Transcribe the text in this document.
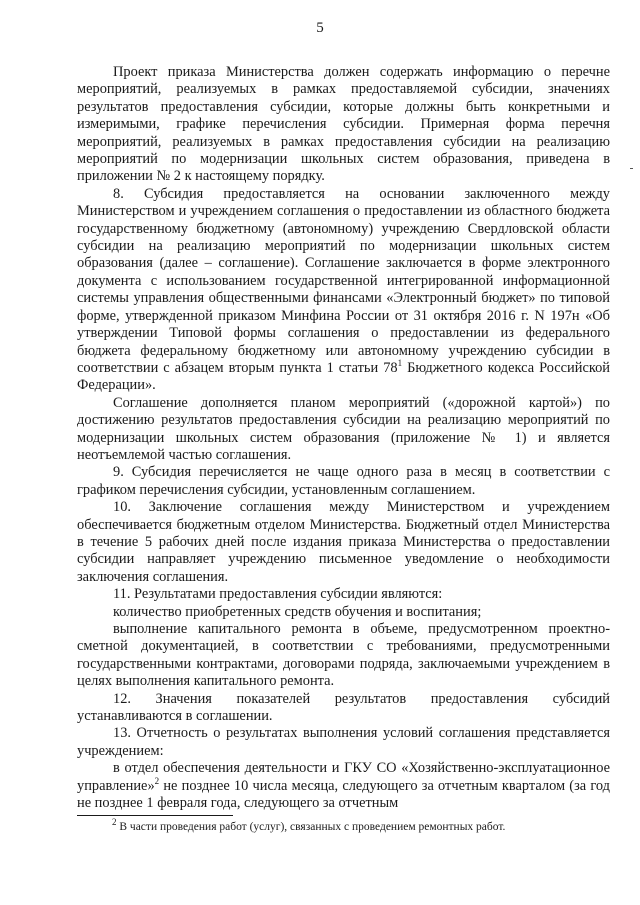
5

Проект приказа Министерства должен содержать информацию о перечне мероприятий, реализуемых в рамках предоставляемой субсидии, значениях результатов предоставления субсидии, которые должны быть конкретными и измеримыми, графике перечисления субсидии. Примерная форма перечня мероприятий, реализуемых в рамках предоставления субсидии на реализацию мероприятий по модернизации школьных систем образования, приведена в приложении № 2 к настоящему порядку.

8. Субсидия предоставляется на основании заключенного между Министерством и учреждением соглашения о предоставлении из областного бюджета государственному бюджетному (автономному) учреждению Свердловской области субсидии на реализацию мероприятий по модернизации школьных систем образования (далее – соглашение). Соглашение заключается в форме электронного документа с использованием государственной интегрированной информационной системы управления общественными финансами «Электронный бюджет» по типовой форме, утвержденной приказом Минфина России от 31 октября 2016 г. N 197н «Об утверждении Типовой формы соглашения о предоставлении из федерального бюджета федеральному бюджетному или автономному учреждению субсидии в соответствии с абзацем вторым пункта 1 статьи $78^1$ Бюджетного кодекса Российской Федерации».

Соглашение дополняется планом мероприятий («дорожной картой») по достижению результатов предоставления субсидии на реализацию мероприятий по модернизации школьных систем образования (приложение № 1) и является неотъемлемой частью соглашения.

9. Субсидия перечисляется не чаще одного раза в месяц в соответствии с графиком перечисления субсидии, установленным соглашением.

10. Заключение соглашения между Министерством и учреждением обеспечивается бюджетным отделом Министерства. Бюджетный отдел Министерства в течение 5 рабочих дней после издания приказа Министерства о предоставлении субсидии направляет учреждению письменное уведомление о необходимости заключения соглашения.

11. Результатами предоставления субсидии являются:

количество приобретенных средств обучения и воспитания;

выполнение капитального ремонта в объеме, предусмотренном проектно-сметной документацией, в соответствии с требованиями, предусмотренными государственными контрактами, договорами подряда, заключаемыми учреждением в целях выполнения капитального ремонта.

12. Значения показателей результатов предоставления субсидий устанавливаются в соглашении.

13. Отчетность о результатах выполнения условий соглашения представляется учреждением:

в отдел обеспечения деятельности и ГКУ СО «Хозяйственно-эксплуатационное управление»$^2$ не позднее 10 числа месяца, следующего за отчетным кварталом (за год не позднее 1 февраля года, следующего за отчетным

$^2$ В части проведения работ (услуг), связанных с проведением ремонтных работ.
